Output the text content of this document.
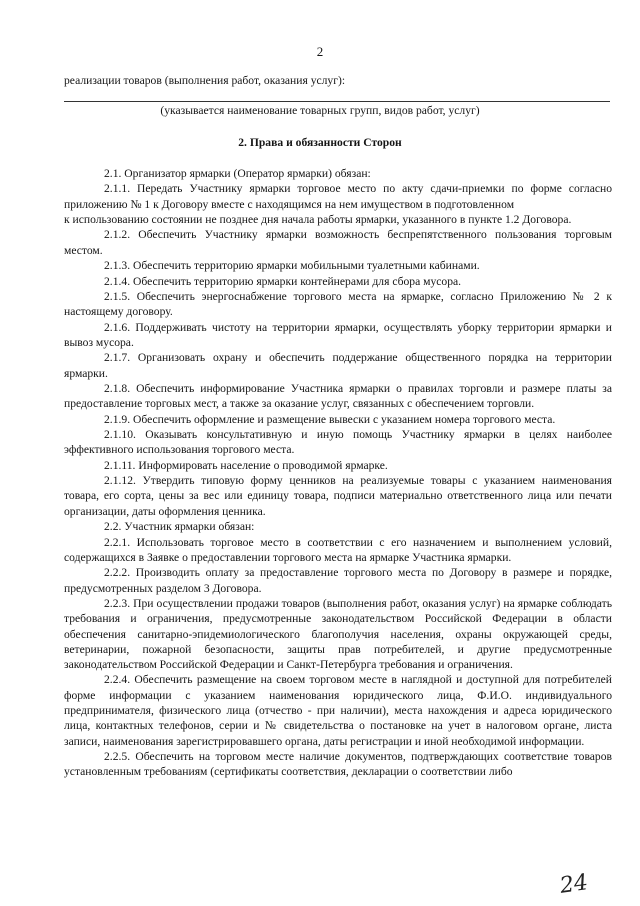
2
реализации товаров (выполнения работ, оказания услуг):
(указывается наименование товарных групп, видов работ, услуг)
2. Права и обязанности Сторон

2.1. Организатор ярмарки (Оператор ярмарки) обязан:

2.1.1. Передать Участнику ярмарки торговое место по акту сдачи-приемки по форме согласно приложению № 1 к Договору вместе с находящимся на нем имуществом в подготовленном

к использованию состоянии не позднее дня начала работы ярмарки, указанного в пункте 1.2 Договора.

2.1.2. Обеспечить Участнику ярмарки возможность беспрепятственного пользования торговым местом.

2.1.3. Обеспечить территорию ярмарки мобильными туалетными кабинами.

2.1.4. Обеспечить территорию ярмарки контейнерами для сбора мусора.

2.1.5. Обеспечить энергоснабжение торгового места на ярмарке, согласно Приложению № 2 к настоящему договору.

2.1.6. Поддерживать чистоту на территории ярмарки, осуществлять уборку территории ярмарки и вывоз мусора.

2.1.7. Организовать охрану и обеспечить поддержание общественного порядка на территории ярмарки.

2.1.8. Обеспечить информирование Участника ярмарки о правилах торговли и размере платы за предоставление торговых мест, а также за оказание услуг, связанных с обеспечением торговли.

2.1.9. Обеспечить оформление и размещение вывески с указанием номера торгового места.

2.1.10. Оказывать консультативную и иную помощь Участнику ярмарки в целях наиболее эффективного использования торгового места.

2.1.11. Информировать население о проводимой ярмарке.

2.1.12. Утвердить типовую форму ценников на реализуемые товары с указанием наименования товара, его сорта, цены за вес или единицу товара, подписи материально ответственного лица или печати организации, даты оформления ценника.

2.2. Участник ярмарки обязан:

2.2.1. Использовать торговое место в соответствии с его назначением и выполнением условий, содержащихся в Заявке о предоставлении торгового места на ярмарке Участника ярмарки.

2.2.2. Производить оплату за предоставление торгового места по Договору в размере и порядке, предусмотренных разделом 3 Договора.

2.2.3. При осуществлении продажи товаров (выполнения работ, оказания услуг) на ярмарке соблюдать требования и ограничения, предусмотренные законодательством Российской Федерации в области обеспечения санитарно-эпидемиологического благополучия населения, охраны окружающей среды, ветеринарии, пожарной безопасности, защиты прав потребителей, и другие предусмотренные законодательством Российской Федерации и Санкт-Петербурга требования и ограничения.

2.2.4. Обеспечить размещение на своем торговом месте в наглядной и доступной для потребителей форме информации с указанием наименования юридического лица, Ф.И.О. индивидуального предпринимателя, физического лица (отчество - при наличии), места нахождения и адреса юридического лица, контактных телефонов, серии и № свидетельства о постановке на учет в налоговом органе, листа записи, наименования зарегистрировавшего органа, даты регистрации и иной необходимой информации.

2.2.5. Обеспечить на торговом месте наличие документов, подтверждающих соответствие товаров установленным требованиям (сертификаты соответствия, декларации о соответствии либо

24
